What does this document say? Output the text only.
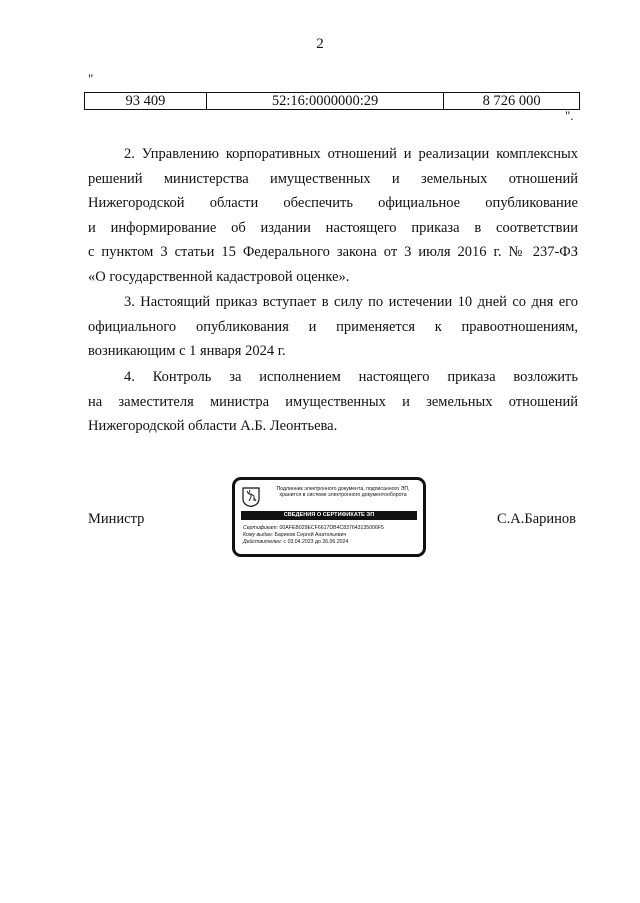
2
"
93 409	52:16:0000000:29	8 726 000
".
2. Управлению корпоративных отношений и реализации комплексных
решений министерства имущественных и земельных отношений
Нижегородской области обеспечить официальное опубликование
и информирование об издании настоящего приказа в соответствии
с пунктом 3 статьи 15 Федерального закона от 3 июля 2016 г. № 237-ФЗ
«О государственной кадастровой оценке».
3. Настоящий приказ вступает в силу по истечении 10 дней со дня его
официального опубликования и применяется к правоотношениям,
возникающим с 1 января 2024 г.
4. Контроль за исполнением настоящего приказа возложить
на заместителя министра имущественных и земельных отношений
Нижегородской области А.Б. Леонтьева.
Министр
Подлинник электронного документа, подписанного ЭП,
хранится в системе электронного документооборота
СВЕДЕНИЯ О СЕРТИФИКАТЕ ЭП
Сертификат: 00AFEB029ECF6617DB4C837643135006F5
Кому выдан: Баринов Сергей Анатольевич
Действителен: с 03.04.2023 до 26.06.2024
С.А.Баринов
